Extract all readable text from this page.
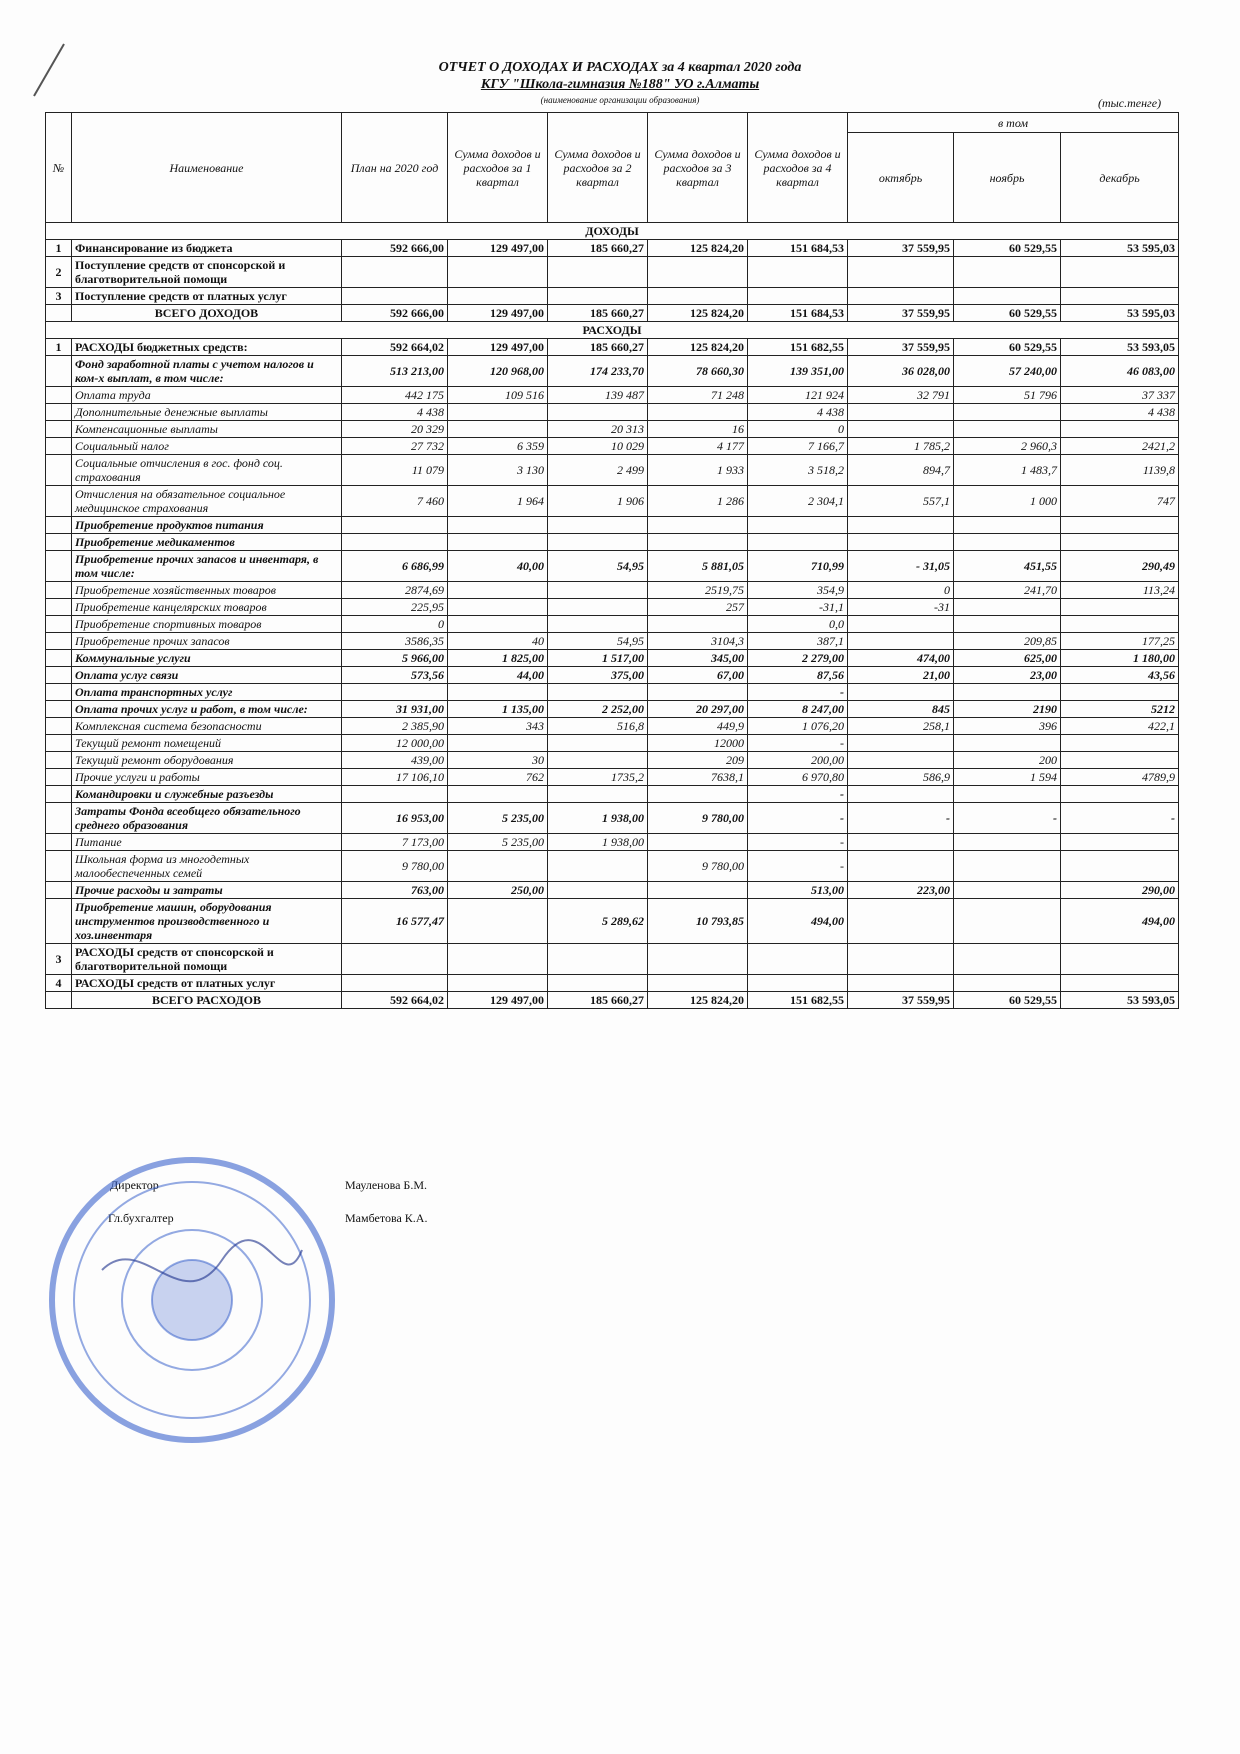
ОТЧЕТ О ДОХОДАХ И РАСХОДАХ за 4 квартал 2020 года
КГУ "Школа-гимназия №188" УО г.Алматы
(наименование организации образования)	(тыс.тенге)
№	Наименование	План на 2020 год	Сумма доходов и расходов за 1 квартал	Сумма доходов и расходов за 2 квартал	Сумма доходов и расходов за 3 квартал	Сумма доходов и расходов за 4 квартал	в том		
							октябрь	ноябрь	декабрь
ДОХОДЫ									
1	Финансирование из бюджета	592 666,00	129 497,00	185 660,27	125 824,20	151 684,53	37 559,95	60 529,55	53 595,03
2	Поступление средств от спонсорской и благотворительной помощи								
3	Поступление средств от платных услуг								
	ВСЕГО ДОХОДОВ	592 666,00	129 497,00	185 660,27	125 824,20	151 684,53	37 559,95	60 529,55	53 595,03
РАСХОДЫ									
1	РАСХОДЫ бюджетных средств:	592 664,02	129 497,00	185 660,27	125 824,20	151 682,55	37 559,95	60 529,55	53 593,05
	Фонд заработной платы с учетом налогов и ком-х выплат, в том числе:	513 213,00	120 968,00	174 233,70	78 660,30	139 351,00	36 028,00	57 240,00	46 083,00
	Оплата труда	442 175	109 516	139 487	71 248	121 924	32 791	51 796	37 337
	Дополнительные денежные выплаты	4 438				4 438			4 438
	Компенсационные выплаты	20 329		20 313	16	0			
	Социальный налог	27 732	6 359	10 029	4 177	7 166,7	1 785,2	2 960,3	2421,2
	Социальные отчисления в гос. фонд соц. страхования	11 079	3 130	2 499	1 933	3 518,2	894,7	1 483,7	1139,8
	Отчисления на обязательное социальное медицинское страхования	7 460	1 964	1 906	1 286	2 304,1	557,1	1 000	747
	Приобретение продуктов питания								
	Приобретение медикаментов								
	Приобретение прочих запасов и инвентаря, в том числе:	6 686,99	40,00	54,95	5 881,05	710,99	- 31,05	451,55	290,49
	Приобретение хозяйственных товаров	2874,69			2519,75	354,9	0	241,70	113,24
	Приобретение канцелярских товаров	225,95			257	-31,1	-31		
	Приобретение спортивных товаров	0				0,0			
	Приобретение прочих запасов	3586,35	40	54,95	3104,3	387,1		209,85	177,25
	Коммунальные услуги	5 966,00	1 825,00	1 517,00	345,00	2 279,00	474,00	625,00	1 180,00
	Оплата услуг связи	573,56	44,00	375,00	67,00	87,56	21,00	23,00	43,56
	Оплата транспортных услуг					-			
	Оплата прочих услуг и работ, в том числе:	31 931,00	1 135,00	2 252,00	20 297,00	8 247,00	845	2190	5212
	Комплексная система безопасности	2 385,90	343	516,8	449,9	1 076,20	258,1	396	422,1
	Текущий ремонт помещений	12 000,00			12000	-			
	Текущий ремонт оборудования	439,00	30		209	200,00		200	
	Прочие услуги и работы	17 106,10	762	1735,2	7638,1	6 970,80	586,9	1 594	4789,9
	Командировки и служебные разъезды					-			
	Затраты Фонда всеобщего обязательного среднего образования	16 953,00	5 235,00	1 938,00	9 780,00	-	-	-	-
	Питание	7 173,00	5 235,00	1 938,00		-			
	Школьная форма из многодетных малообеспеченных семей	9 780,00			9 780,00	-			
	Прочие расходы и затраты	763,00	250,00			513,00	223,00		290,00
	Приобретение машин, оборудования инструментов производственного и хоз.инвентаря	16 577,47		5 289,62	10 793,85	494,00			494,00
3	РАСХОДЫ средств от спонсорской и благотворительной помощи								
4	РАСХОДЫ средств от платных услуг								
	ВСЕГО РАСХОДОВ	592 664,02	129 497,00	185 660,27	125 824,20	151 682,55	37 559,95	60 529,55	53 593,05
Директор	Мауленова Б.М.
Гл.бухгалтер	Мамбетова К.А.
